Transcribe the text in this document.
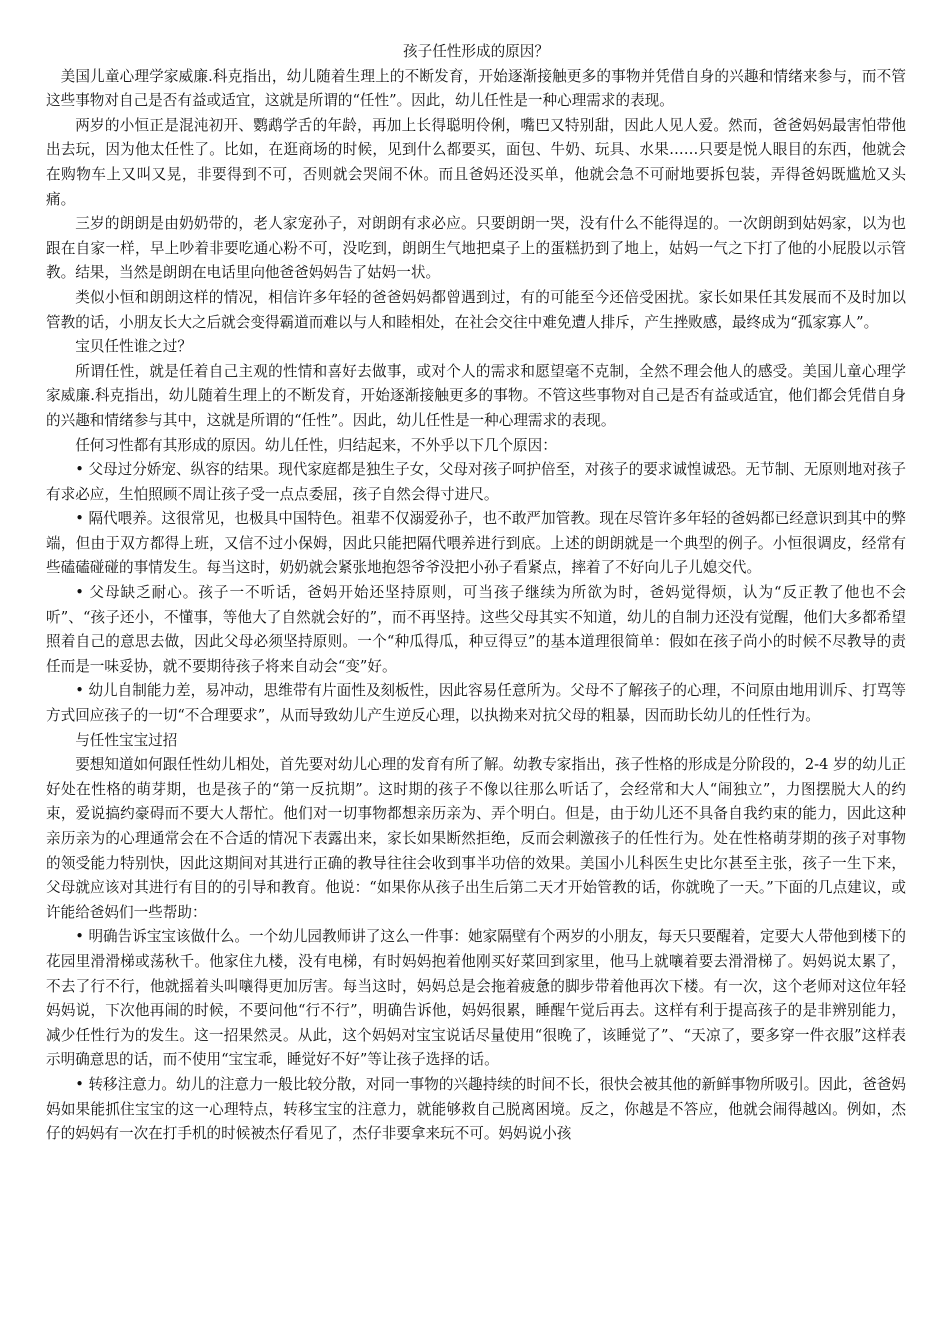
孩子任性形成的原因？

美国儿童心理学家威廉.科克指出，幼儿随着生理上的不断发育，开始逐渐接触更多的事物并凭借自身的兴趣和情绪来参与，而不管这些事物对自己是否有益或适宜，这就是所谓的“任性”。因此，幼儿任性是一种心理需求的表现。

两岁的小恒正是混沌初开、鹦鹉学舌的年龄，再加上长得聪明伶俐，嘴巴又特别甜，因此人见人爱。然而，爸爸妈妈最害怕带他出去玩，因为他太任性了。比如，在逛商场的时候，见到什么都要买，面包、牛奶、玩具、水果……只要是悦人眼目的东西，他就会在购物车上又叫又晃，非要得到不可，否则就会哭闹不休。而且爸妈还没买单，他就会急不可耐地要拆包装，弄得爸妈既尴尬又头痛。

三岁的朗朗是由奶奶带的，老人家宠孙子，对朗朗有求必应。只要朗朗一哭，没有什么不能得逞的。一次朗朗到姑妈家，以为也跟在自家一样，早上吵着非要吃通心粉不可，没吃到，朗朗生气地把桌子上的蛋糕扔到了地上，姑妈一气之下打了他的小屁股以示管教。结果，当然是朗朗在电话里向他爸爸妈妈告了姑妈一状。

类似小恒和朗朗这样的情况，相信许多年轻的爸爸妈妈都曾遇到过，有的可能至今还倍受困扰。家长如果任其发展而不及时加以管教的话，小朋友长大之后就会变得霸道而难以与人和睦相处，在社会交往中难免遭人排斥，产生挫败感，最终成为“孤家寡人”。

宝贝任性谁之过？

所谓任性，就是任着自己主观的性情和喜好去做事，或对个人的需求和愿望毫不克制，全然不理会他人的感受。美国儿童心理学家威廉.科克指出，幼儿随着生理上的不断发育，开始逐渐接触更多的事物。不管这些事物对自己是否有益或适宜，他们都会凭借自身的兴趣和情绪参与其中，这就是所谓的“任性”。因此，幼儿任性是一种心理需求的表现。

任何习性都有其形成的原因。幼儿任性，归结起来，不外乎以下几个原因：

• 父母过分娇宠、纵容的结果。现代家庭都是独生子女，父母对孩子呵护倍至，对孩子的要求诚惶诚恐。无节制、无原则地对孩子有求必应，生怕照顾不周让孩子受一点点委屈，孩子自然会得寸进尺。

• 隔代喂养。这很常见，也极具中国特色。祖辈不仅溺爱孙子，也不敢严加管教。现在尽管许多年轻的爸妈都已经意识到其中的弊端，但由于双方都得上班，又信不过小保姆，因此只能把隔代喂养进行到底。上述的朗朗就是一个典型的例子。小恒很调皮，经常有些磕磕碰碰的事情发生。每当这时，奶奶就会紧张地抱怨爷爷没把小孙子看紧点，摔着了不好向儿子儿媳交代。

• 父母缺乏耐心。孩子一不听话，爸妈开始还坚持原则，可当孩子继续为所欲为时，爸妈觉得烦，认为“反正教了他也不会听”、“孩子还小，不懂事，等他大了自然就会好的”，而不再坚持。这些父母其实不知道，幼儿的自制力还没有觉醒，他们大多都希望照着自己的意思去做，因此父母必须坚持原则。一个“种瓜得瓜，种豆得豆”的基本道理很简单：假如在孩子尚小的时候不尽教导的责任而是一味妥协，就不要期待孩子将来自动会“变”好。

• 幼儿自制能力差，易冲动，思维带有片面性及刻板性，因此容易任意所为。父母不了解孩子的心理，不问原由地用训斥、打骂等方式回应孩子的一切“不合理要求”，从而导致幼儿产生逆反心理，以执拗来对抗父母的粗暴，因而助长幼儿的任性行为。

与任性宝宝过招

要想知道如何跟任性幼儿相处，首先要对幼儿心理的发育有所了解。幼教专家指出，孩子性格的形成是分阶段的，2-4 岁的幼儿正好处在性格的萌芽期，也是孩子的“第一反抗期”。这时期的孩子不像以往那么听话了，会经常和大人“闹独立”，力图摆脱大人的约束，爱说搞约豪碍而不要大人帮忙。他们对一切事物都想亲历亲为、弄个明白。但是，由于幼儿还不具备自我约束的能力，因此这种亲历亲为的心理通常会在不合适的情况下表露出来，家长如果断然拒绝，反而会刺激孩子的任性行为。处在性格萌芽期的孩子对事物的领受能力特别快，因此这期间对其进行正确的教导往往会收到事半功倍的效果。美国小儿科医生史比尔甚至主张，孩子一生下来，父母就应该对其进行有目的的引导和教育。他说：“如果你从孩子出生后第二天才开始管教的话，你就晚了一天。”下面的几点建议，或许能给爸妈们一些帮助：

• 明确告诉宝宝该做什么。一个幼儿园教师讲了这么一件事：她家隔壁有个两岁的小朋友，每天只要醒着，定要大人带他到楼下的花园里滑滑梯或荡秋千。他家住九楼，没有电梯，有时妈妈抱着他刚买好菜回到家里，他马上就嚷着要去滑滑梯了。妈妈说太累了，不去了行不行，他就摇着头叫嚷得更加厉害。每当这时，妈妈总是会拖着疲惫的脚步带着他再次下楼。有一次，这个老师对这位年轻妈妈说，下次他再闹的时候，不要问他“行不行”，明确告诉他，妈妈很累，睡醒午觉后再去。这样有利于提高孩子的是非辨别能力，减少任性行为的发生。这一招果然灵。从此，这个妈妈对宝宝说话尽量使用“很晚了，该睡觉了”、“天凉了，要多穿一件衣服”这样表示明确意思的话，而不使用“宝宝乖，睡觉好不好”等让孩子选择的话。

• 转移注意力。幼儿的注意力一般比较分散，对同一事物的兴趣持续的时间不长，很快会被其他的新鲜事物所吸引。因此，爸爸妈妈如果能抓住宝宝的这一心理特点，转移宝宝的注意力，就能够救自己脱离困境。反之，你越是不答应，他就会闹得越凶。例如，杰仔的妈妈有一次在打手机的时候被杰仔看见了，杰仔非要拿来玩不可。妈妈说小孩
